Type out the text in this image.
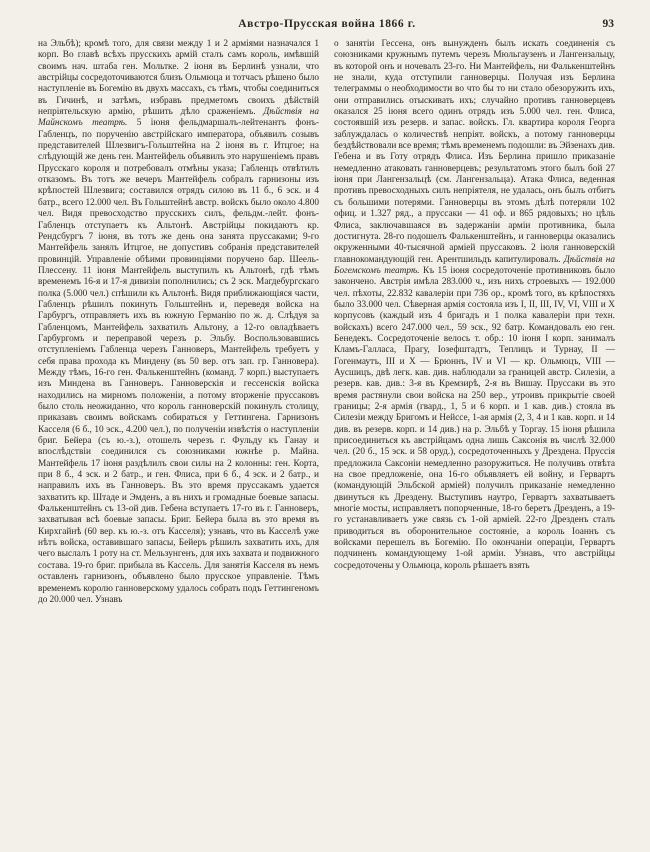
Австро-Прусская война 1866 г.	93
на Эльбѣ); кромѣ того, для связи между 1 и 2 арміями назначался 1 корп. Во главѣ всѣхъ прусскихъ армій сталъ самъ король, имѣвшій своимъ нач. штаба ген. Мольтке. 2 іюня въ Берлинѣ узнали, что австрійцы сосредоточиваются близъ Ольмюца и тотчасъ рѣшено было наступленіе въ Богемію въ двухъ массахъ, съ тѣмъ, чтобы соединиться въ Гичинѣ, и затѣмъ, избравъ предметомъ своихъ дѣйствій непріятельскую армію, рѣшить дѣло сраженіемъ. Дѣйствія на Майнскомъ театрѣ. 5 іюня фельдмаршалъ-лейтенантъ фонъ-Габленцъ, по порученію австрійскаго императора, объявилъ созывъ представителей Шлезвигъ-Гольштейна на 2 іюня въ г. Итцгое; на слѣдующій же день ген. Мантейфель объявилъ это нарушеніемъ правъ Прусскаго короля и потребовалъ отмѣны указа; Габленцъ отвѣтилъ отказомъ. Въ тотъ же вечеръ Мантейфель собралъ гарнизоны изъ крѣпостей Шлезвига; составился отрядъ силою въ 11 б., 6 эск. и 4 батр., всего 12.000 чел. Въ Гольштейнѣ австр. войскъ было около 4.800 чел. Видя превосходство прусскихъ силъ, фельдм.-лейт. фонъ-Габленцъ отступаетъ къ Альтонѣ. Австрійцы покидаютъ кр. Рендсбургъ 7 іюня, въ тотъ же день она занята пруссаками; 9-го Мантейфель занялъ Итцгое, не допустивъ собранія представителей провинцій. Управленіе обѣими провинціями поручено бар. Шеель-Плессену. 11 іюня Мантейфель выступилъ къ Альтонѣ, гдѣ тѣмъ временемъ 16-я и 17-я дивизіи пополнились; съ 2 эск. Магдебургскаго полка (5.000 чел.) спѣшили къ Альтонѣ. Видя приближающіяся части, Габленцъ рѣшилъ покинуть Гольштейнъ и, переведя войска на Гарбургъ, отправляетъ ихъ въ южную Германію по ж. д. Слѣдуя за Габленцомъ, Мантейфель захватилъ Альтону, а 12-го овладѣваетъ Гарбургомъ и переправой черезъ р. Эльбу. Воспользовавшись отступленіемъ Габленца черезъ Ганноверъ, Мантейфель требуетъ у себя права прохода къ Миндену (въ 50 вер. отъ зап. гр. Ганновера). Между тѣмъ, 16-го ген. Фалькенштейнъ (команд. 7 корп.) выступаетъ изъ Миндена въ Ганноверъ. Ганноверскія и гессенскія войска находились на мирномъ положеніи, а потому вторженіе пруссаковъ было столь неожиданно, что король ганноверскій покинулъ столицу, приказавъ своимъ войскамъ собираться у Геттингена. Гарнизонъ Касселя (6 б., 10 эск., 4.200 чел.), по полученіи извѣстія о наступленіи бриг. Бейера (съ ю.-з.), отошелъ черезъ г. Фульду къ Ганау и впослѣдствіи соединился съ союзниками южнѣе р. Майна. Мантейфель 17 іюня раздѣлилъ свои силы на 2 колонны: ген. Корта, при 8 б., 4 эск. и 2 батр., и ген. Флиса, при 6 б., 4 эск. и 2 батр., и направилъ ихъ въ Ганноверъ. Въ это время пруссакамъ удается захватить кр. Штаде и Эмденъ, а въ нихъ и громадные боевые запасы. Фалькенштейнъ съ 13-ой див. Гебена вступаетъ 17-го въ г. Ганноверъ, захватывая всѣ боевые запасы. Бриг. Бейера была въ это время въ Кирхгайнѣ (60 вер. къ ю.-з. отъ Касселя); узнавъ, что въ Касселѣ уже нѣтъ войска, оставившаго запасы, Бейеръ рѣшилъ захватить ихъ, для чего выслалъ 1 роту на ст. Мельзунгенъ, для ихъ захвата и подвижного состава. 19-го бриг. прибыла въ Кассель. Для занятія Касселя въ немъ оставленъ гарнизонъ, объявлено было прусское управленіе. Тѣмъ временемъ королю ганноверскому удалось собрать подъ Геттингеномъ до 20.000 чел. Узнавъ
о занятіи Гессена, онъ вынужденъ былъ искать соединенія съ союзниками кружнымъ путемъ черезъ Мюльгаузенъ и Лангензальцу, въ которой онъ и ночевалъ 23-го. Ни Мантейфель, ни Фалькенштейнъ не знали, куда отступили ганноверцы. Получая изъ Берлина телеграммы о необходимости во что бы то ни стало обезоружить ихъ, они отправились отыскивать ихъ; случайно противъ ганноверцевъ оказался 25 іюня всего одинъ отрядъ изъ 5.000 чел. ген. Флиса, состоявшій изъ резерв. и запас. войскъ. Гл. квартира короля Георга заблуждалась о количествѣ непріят. войскъ, а потому ганноверцы бездѣйствовали все время; тѣмъ временемъ подошли: въ Эйзенахъ див. Гебена и въ Готу отрядъ Флиса. Изъ Берлина пришло приказаніе немедленно атаковать ганноверцевъ; результатомъ этого былъ бой 27 іюня при Лангензальцѣ (см. Лангензальца). Атака Флиса, веденная противъ превосходныхъ силъ непріятеля, не удалась, онъ былъ отбитъ съ большими потерями. Ганноверцы въ этомъ дѣлѣ потеряли 102 офиц. и 1.327 ряд., а пруссаки — 41 оф. и 865 рядовыхъ; но цѣль Флиса, заключавшаяся въ задержаніи арміи противника, была достигнута. 28-го подошелъ Фалькенштейнъ, и ганноверцы оказались окруженными 40-тысячной арміей пруссаковъ. 2 іюля ганноверскій главнокомандующій ген. Арентшильдъ капитулировалъ. Дѣйствія на Богемскомъ театрѣ. Къ 15 іюня сосредоточеніе противниковъ было закончено. Австрія имѣла 283.000 ч., изъ нихъ строевыхъ — 192.000 чел. пѣхоты, 22.832 кавалеріи при 736 ор., кромѣ того, въ крѣпостяхъ было 33.000 чел. Сѣверная армія состояла изъ I, II, III, IV, VI, VIII и X корпусовъ (каждый изъ 4 бригадъ и 1 полка кавалеріи при техн. войскахъ) всего 247.000 чел., 59 эск., 92 батр. Командовалъ ею ген. Бенедекъ. Сосредоточеніе велось т. обр.: 10 іюня I корп. занималъ Кламъ-Галласа, Прагу, Іозефштадтъ, Теплицъ и Турнау, II — Гогенмаутъ, III и X — Брюннъ, IV и VI — кр. Ольмюцъ, VIII — Аусшицъ, двѣ легк. кав. див. наблюдали за границей австр. Силезіи, а резерв. кав. див.: 3-я въ Кремзирѣ, 2-я въ Вишау. Пруссаки въ это время растянули свои войска на 250 вер., утроивъ прикрытіе своей границы; 2-я армія (гвард., 1, 5 и 6 корп. и 1 кав. див.) стояла въ Силезіи между Бригомъ и Нейссе, 1-ая армія (2, 3, 4 и 1 кав. корп. и 14 див. въ резерв. корп. и 14 див.) на р. Эльбѣ у Торгау. 15 іюня рѣшила присоединиться къ австрійцамъ одна лишь Саксонія въ числѣ 32.000 чел. (20 б., 15 эск. и 58 оруд.), сосредоточенныхъ у Дрездена. Пруссія предложила Саксоніи немедленно разоружиться. Не получивъ отвѣта на свое предложеніе, она 16-го объявляетъ ей войну, и Гервартъ (командующій Эльбской арміей) получилъ приказаніе немедленно двинуться къ Дрездену. Выступивъ наутро, Гервартъ захватываетъ многіе мосты, исправляетъ попорченные, 18-го беретъ Дрезденъ, а 19-го устанавливаетъ уже связь съ 1-ой арміей. 22-го Дрезденъ сталъ приводиться въ оборонительное состояніе, а король Іоаннъ съ войсками перешелъ въ Богемію. По окончаніи операціи, Гервартъ подчиненъ командующему 1-ой арміи. Узнавъ, что австрійцы сосредоточены у Ольмюца, король рѣшаетъ взять
